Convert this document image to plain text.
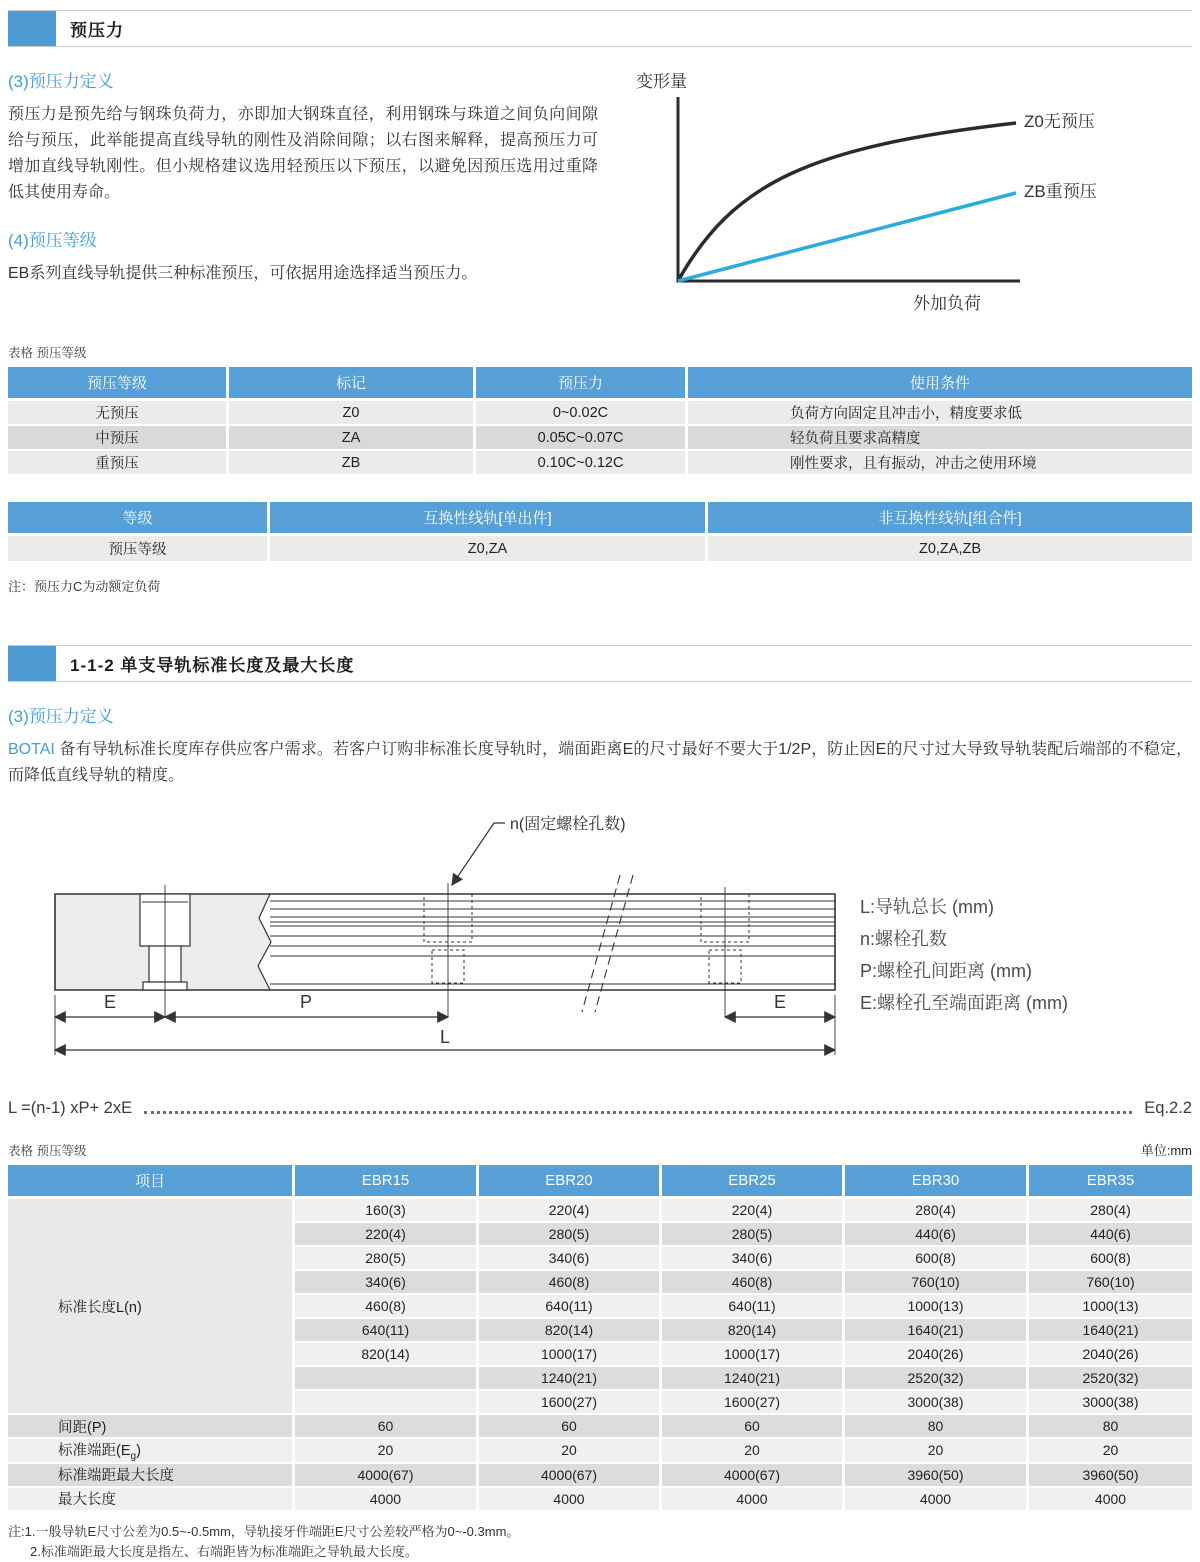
预压力
(3)预压力定义

预压力是预先给与钢珠负荷力，亦即加大钢珠直径，利用钢珠与珠道之间负向间隙给与预压，此举能提高直线导轨的刚性及消除间隙；以右图来解释，提高预压力可增加直线导轨刚性。但小规格建议选用轻预压以下预压，以避免因预压选用过重降低其使用寿命。

(4)预压等级

EB系列直线导轨提供三种标准预压，可依据用途选择适当预压力。

变形量
Z0无预压
ZB重预压
外加负荷
表格 预压等级
预压等级	标记	预压力	使用条件
无预压	Z0	0~0.02C	负荷方向固定且冲击小，精度要求低
中预压	ZA	0.05C~0.07C	轻负荷且要求高精度
重预压	ZB	0.10C~0.12C	刚性要求，且有振动，冲击之使用环境
等级	互换性线轨[单出件]	非互换性线轨[组合件]
预压等级	Z0,ZA	Z0,ZA,ZB
注：预压力C为动额定负荷
1-1-2 单支导轨标准长度及最大长度
(3)预压力定义

BOTAI 备有导轨标准长度库存供应客户需求。若客户订购非标准长度导轨时，端面距离E的尺寸最好不要大于1/2P，防止因E的尺寸过大导致导轨装配后端部的不稳定，而降低直线导轨的精度。

n(固定螺栓孔数)
E	P	E
L
L:导轨总长 (mm)
n:螺栓孔数
P:螺栓孔间距离 (mm)
E:螺栓孔至端面距离 (mm)
L =(n-1) xP+ 2xE	Eq.2.2
表格 预压等级	单位:mm
项目	EBR15	EBR20	EBR25	EBR30	EBR35
标准长度L(n)	160(3)	220(4)	220(4)	280(4)	280(4)
	220(4)	280(5)	280(5)	440(6)	440(6)
	280(5)	340(6)	340(6)	600(8)	600(8)
	340(6)	460(8)	460(8)	760(10)	760(10)
	460(8)	640(11)	640(11)	1000(13)	1000(13)
	640(11)	820(14)	820(14)	1640(21)	1640(21)
	820(14)	1000(17)	1000(17)	2040(26)	2040(26)
		1240(21)	1240(21)	2520(32)	2520(32)
		1600(27)	1600(27)	3000(38)	3000(38)
间距(P)	60	60	60	80	80
标准端距$(E_g)$	20	20	20	20	20
标准端距最大长度	4000(67)	4000(67)	4000(67)	3960(50)	3960(50)
最大长度	4000	4000	4000	4000	4000
注:1.一般导轨E尺寸公差为0.5~-0.5mm，导轨接牙件端距E尺寸公差较严格为0~-0.3mm。
2.标准端距最大长度是指左、右端距皆为标准端距之导轨最大长度。
